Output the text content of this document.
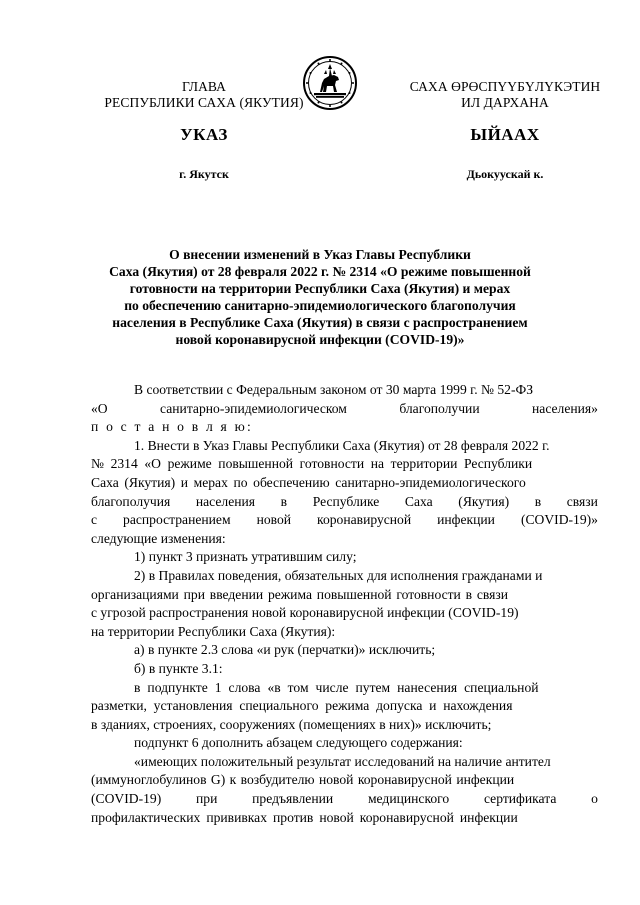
ГЛАВА
РЕСПУБЛИКИ САХА (ЯКУТИЯ)
САХА ӨРӨСПҮҮБҮЛҮКЭТИН
ИЛ ДАРХАНА
УКАЗ	ЫЙААХ
г. Якутск	Дьокуускай к.
О внесении изменений в Указ Главы Республики
Саха (Якутия) от 28 февраля 2022 г. № 2314 «О режиме повышенной
готовности на территории Республики Саха (Якутия) и мерах
по обеспечению санитарно-эпидемиологического благополучия
населения в Республике Саха (Якутия) в связи с распространением
новой коронавирусной инфекции (COVID-19)»
В соответствии с Федеральным законом от 30 марта 1999 г. № 52-ФЗ
«О	санитарно-эпидемиологическом	благополучии	населения»
п о с т а н о в л я ю:
1. Внести в Указ Главы Республики Саха (Якутия) от 28 февраля 2022 г.
№ 2314 «О режиме повышенной готовности на территории Республики
Саха (Якутия) и мерах по обеспечению санитарно-эпидемиологического
благополучия населения в Республике Саха (Якутия) в связи
с распространением новой коронавирусной инфекции (COVID-19)»
следующие изменения:
1) пункт 3 признать утратившим силу;
2) в Правилах поведения, обязательных для исполнения гражданами и
организациями при введении режима повышенной готовности в связи
с угрозой распространения новой коронавирусной инфекции (COVID-19)
на территории Республики Саха (Якутия):
а) в пункте 2.3 слова «и рук (перчатки)» исключить;
б) в пункте 3.1:
в подпункте 1 слова «в том числе путем нанесения специальной
разметки, установления специального режима допуска и нахождения
в зданиях, строениях, сооружениях (помещениях в них)» исключить;
подпункт 6 дополнить абзацем следующего содержания:
«имеющих положительный результат исследований на наличие антител
(иммуноглобулинов G) к возбудителю новой коронавирусной инфекции
(COVID-19)	при	предъявлении	медицинского	сертификата	о
профилактических прививках против новой коронавирусной инфекции
